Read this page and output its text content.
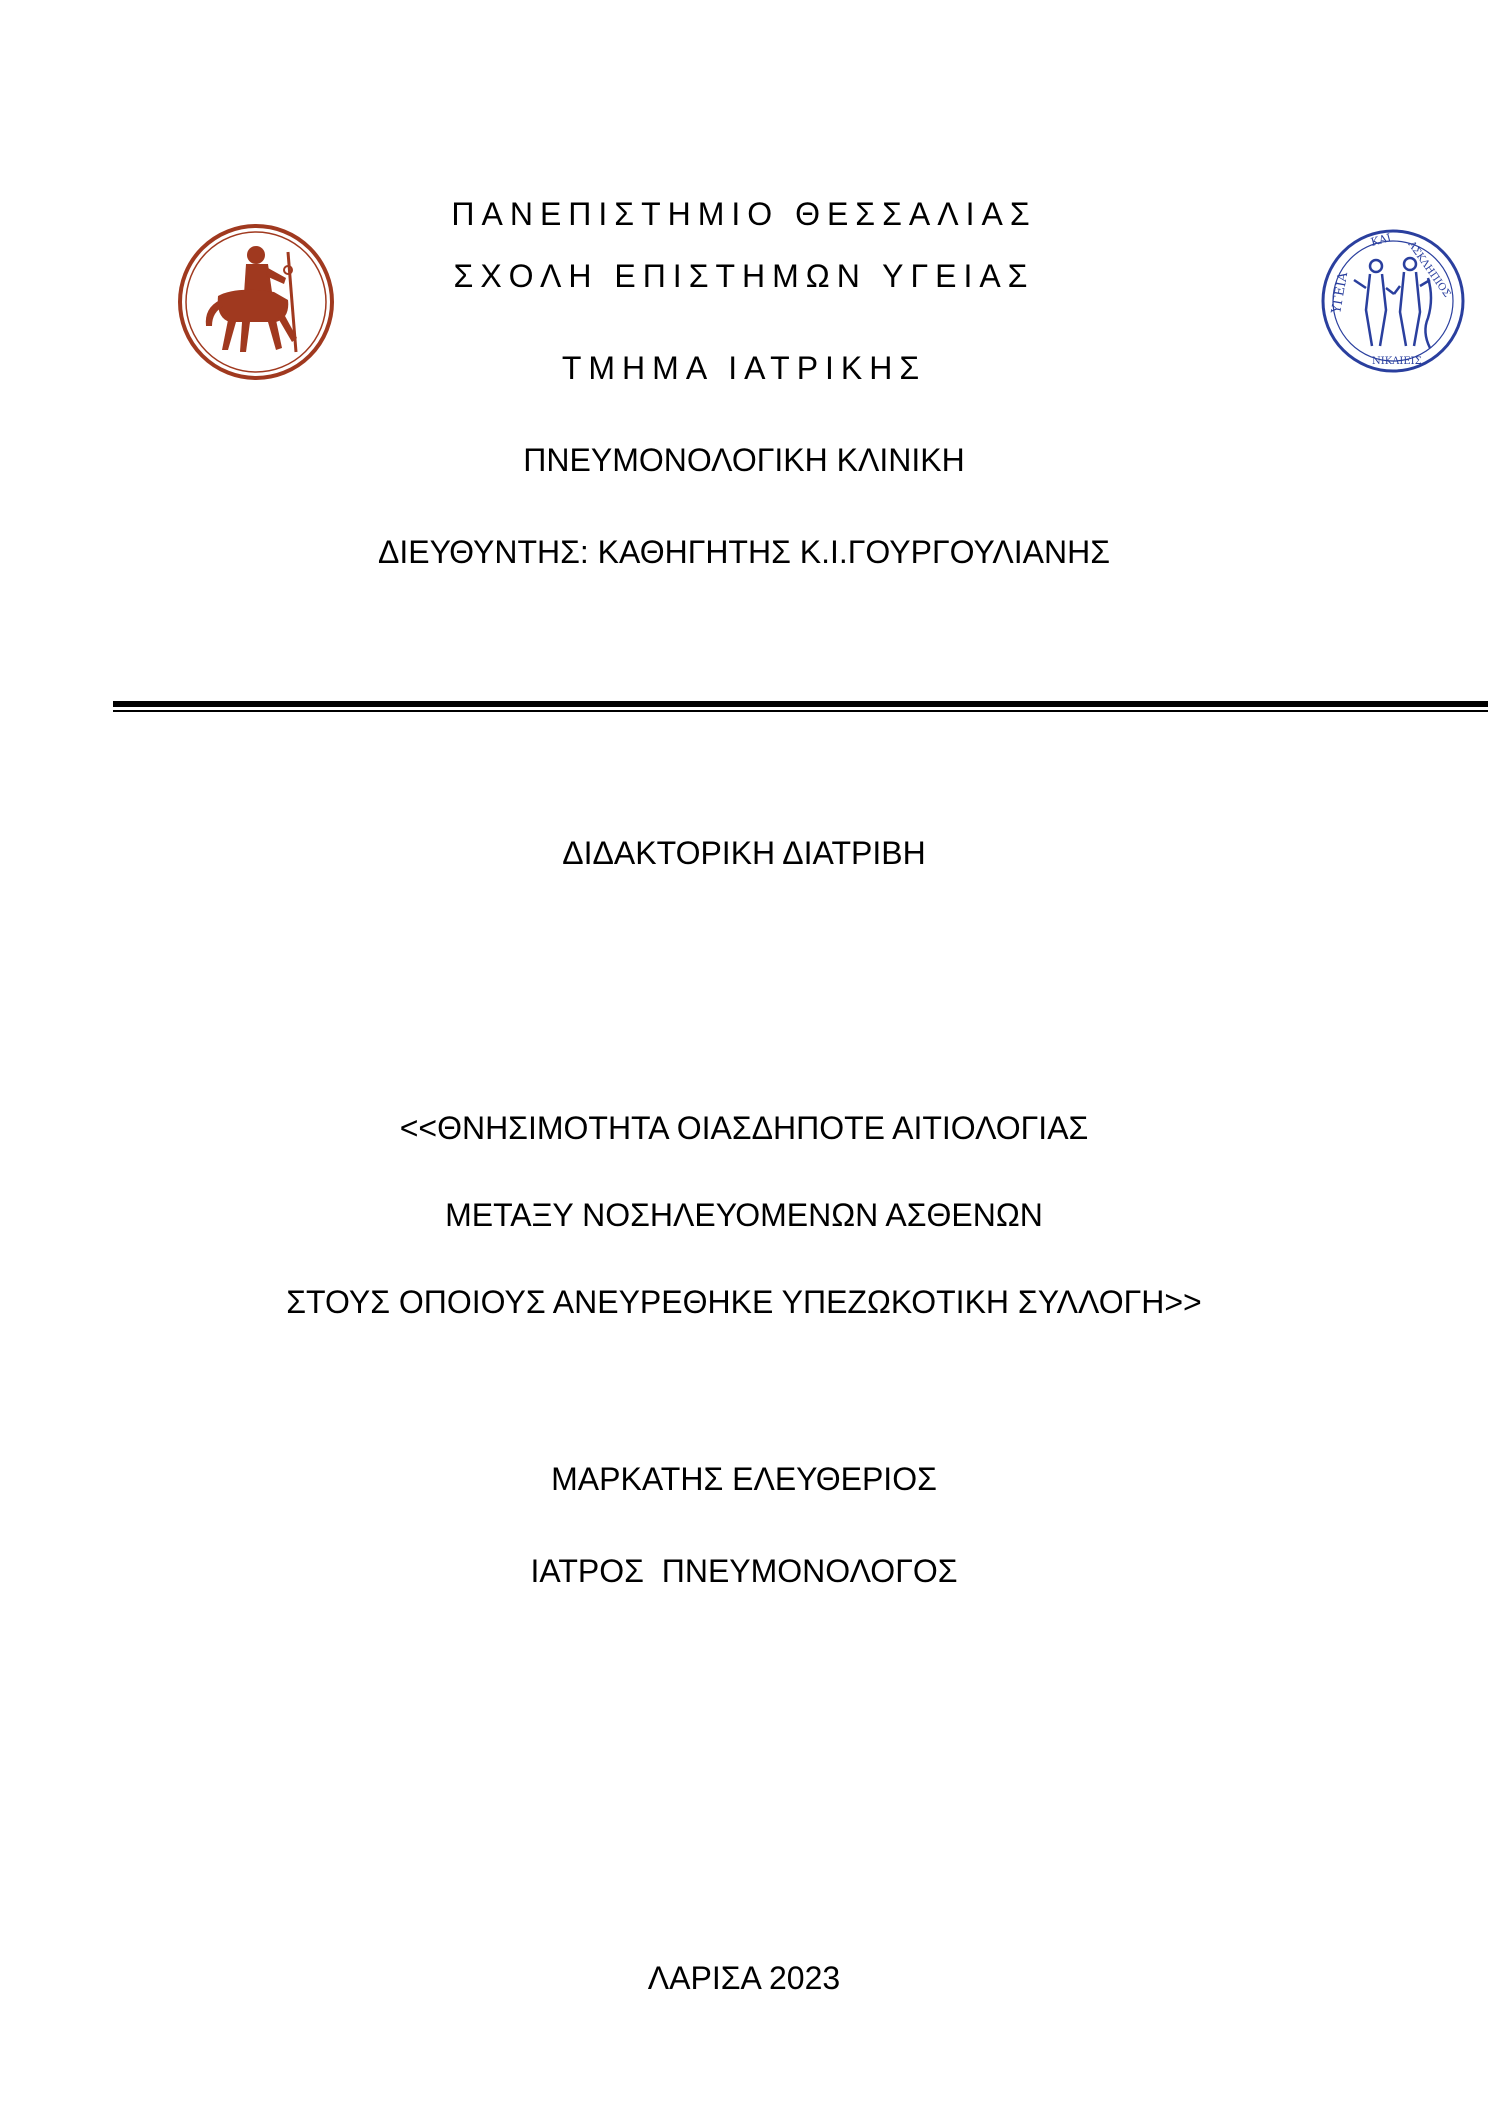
ΠΑΝΕΠΙΣΤΗΜΙΟ ΘΕΣΣΑΛΙΑΣ
ΣΧΟΛΗ ΕΠΙΣΤΗΜΩΝ ΥΓΕΙΑΣ
ΤΜΗΜΑ ΙΑΤΡΙΚΗΣ
ΠΝΕΥΜΟΝΟΛΟΓΙΚΗ ΚΛΙΝΙΚΗ
ΔΙΕΥΘΥΝΤΗΣ: ΚΑΘΗΓΗΤΗΣ Κ.Ι.ΓΟΥΡΓΟΥΛΙΑΝΗΣ
ΥΓΕΙΑ
ΚΑΙ ΑΣΚΛΗΠΙΟΣ
ΝΙΚΑΙΕΙΣ
ΔΙΔΑΚΤΟΡΙΚΗ ΔΙΑΤΡΙΒΗ
<<ΘΝΗΣΙΜΟΤΗΤΑ ΟΙΑΣΔΗΠΟΤΕ ΑΙΤΙΟΛΟΓΙΑΣ
ΜΕΤΑΞΥ ΝΟΣΗΛΕΥΟΜΕΝΩΝ ΑΣΘΕΝΩΝ
ΣΤΟΥΣ ΟΠΟΙΟΥΣ ΑΝΕΥΡΕΘΗΚΕ ΥΠΕΖΩΚΟΤΙΚΗ ΣΥΛΛΟΓΗ>>
ΜΑΡΚΑΤΗΣ ΕΛΕΥΘΕΡΙΟΣ
ΙΑΤΡΟΣ  ΠΝΕΥΜΟΝΟΛΟΓΟΣ
ΛΑΡΙΣΑ 2023
